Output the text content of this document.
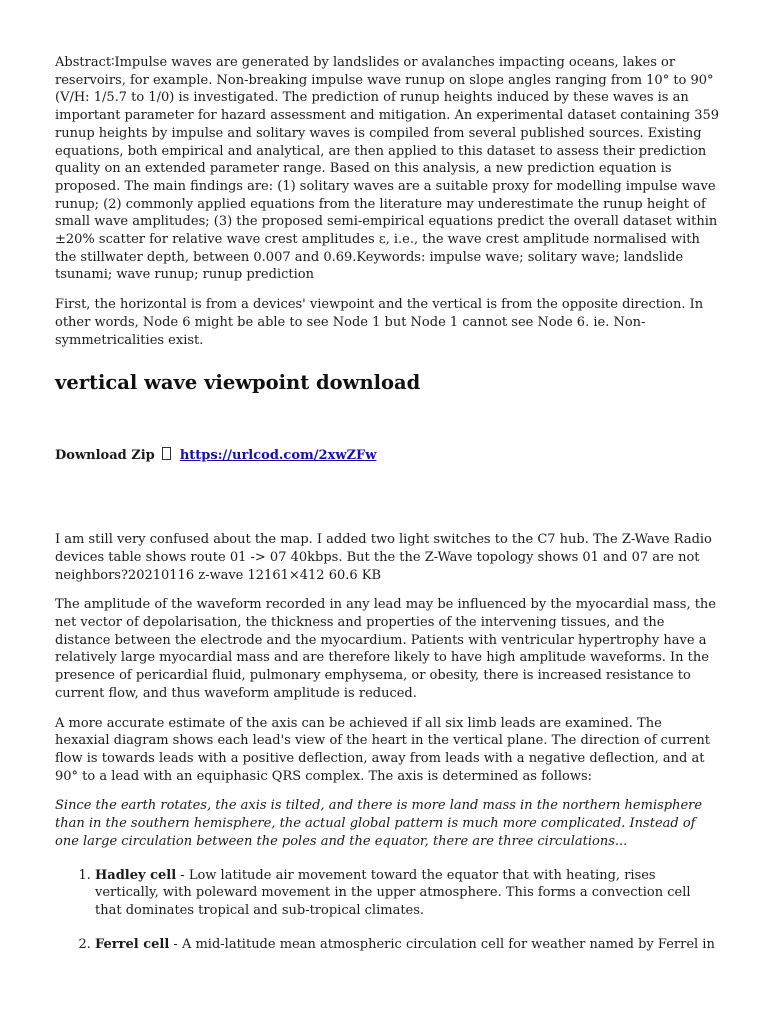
Abstract∶Impulse waves are generated by landslides or avalanches impacting oceans, lakes or reservoirs, for example. Non-breaking impulse wave runup on slope angles ranging from 10° to 90° (V/H: 1/5.7 to 1/0) is investigated. The prediction of runup heights induced by these waves is an important parameter for hazard assessment and mitigation. An experimental dataset containing 359 runup heights by impulse and solitary waves is compiled from several published sources. Existing equations, both empirical and analytical, are then applied to this dataset to assess their prediction quality on an extended parameter range. Based on this analysis, a new prediction equation is proposed. The main findings are: (1) solitary waves are a suitable proxy for modelling impulse wave runup; (2) commonly applied equations from the literature may underestimate the runup height of small wave amplitudes; (3) the proposed semi-empirical equations predict the overall dataset within ±20% scatter for relative wave crest amplitudes ε, i.e., the wave crest amplitude normalised with the stillwater depth, between 0.007 and 0.69.Keywords: impulse wave; solitary wave; landslide tsunami; wave runup; runup prediction

First, the horizontal is from a devices' viewpoint and the vertical is from the opposite direction. In other words, Node 6 might be able to see Node 1 but Node 1 cannot see Node 6. ie. Non-symmetricalities exist.

vertical wave viewpoint download
Download Zip https://urlcod.com/2xwZFw

I am still very confused about the map. I added two light switches to the C7 hub. The Z-Wave Radio devices table shows route 01 -> 07 40kbps. But the the Z-Wave topology shows 01 and 07 are not neighbors?20210116 z-wave 12161×412 60.6 KB

The amplitude of the waveform recorded in any lead may be influenced by the myocardial mass, the net vector of depolarisation, the thickness and properties of the intervening tissues, and the distance between the electrode and the myocardium. Patients with ventricular hypertrophy have a relatively large myocardial mass and are therefore likely to have high amplitude waveforms. In the presence of pericardial fluid, pulmonary emphysema, or obesity, there is increased resistance to current flow, and thus waveform amplitude is reduced.

A more accurate estimate of the axis can be achieved if all six limb leads are examined. The hexaxial diagram shows each lead's view of the heart in the vertical plane. The direction of current flow is towards leads with a positive deflection, away from leads with a negative deflection, and at 90° to a lead with an equiphasic QRS complex. The axis is determined as follows:

Since the earth rotates, the axis is tilted, and there is more land mass in the northern hemisphere than in the southern hemisphere, the actual global pattern is much more complicated. Instead of one large circulation between the poles and the equator, there are three circulations...

1. Hadley cell - Low latitude air movement toward the equator that with heating, rises vertically, with poleward movement in the upper atmosphere. This forms a convection cell that dominates tropical and sub-tropical climates.
2. Ferrel cell - A mid-latitude mean atmospheric circulation cell for weather named by Ferrel in
